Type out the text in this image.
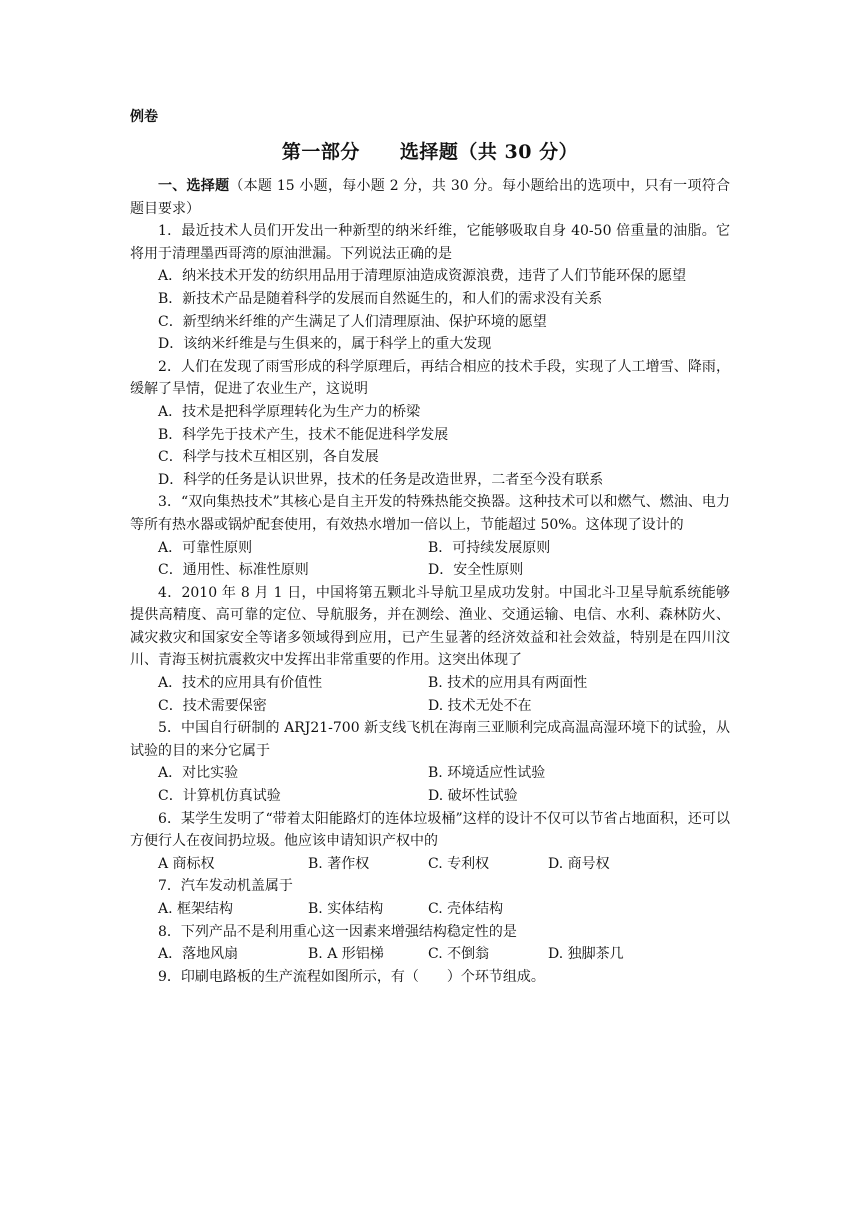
例卷
第一部分 选择题（共 30 分）

一、选择题（本题 15 小题，每小题 2 分，共 30 分。每小题给出的选项中，只有一项符合题目要求）

1．最近技术人员们开发出一种新型的纳米纤维，它能够吸取自身 40-50 倍重量的油脂。它将用于清理墨西哥湾的原油泄漏。下列说法正确的是

A．纳米技术开发的纺织用品用于清理原油造成资源浪费，违背了人们节能环保的愿望

B．新技术产品是随着科学的发展而自然诞生的，和人们的需求没有关系

C．新型纳米纤维的产生满足了人们清理原油、保护环境的愿望

D．该纳米纤维是与生俱来的，属于科学上的重大发现

2．人们在发现了雨雪形成的科学原理后，再结合相应的技术手段，实现了人工增雪、降雨，缓解了旱情，促进了农业生产，这说明

A．技术是把科学原理转化为生产力的桥梁

B．科学先于技术产生，技术不能促进科学发展

C．科学与技术互相区别，各自发展

D．科学的任务是认识世界，技术的任务是改造世界，二者至今没有联系

3．“双向集热技术”其核心是自主开发的特殊热能交换器。这种技术可以和燃气、燃油、电力等所有热水器或锅炉配套使用，有效热水增加一倍以上，节能超过 50%。这体现了设计的

A．可靠性原则	B．可持续发展原则
C．通用性、标准性原则	D．安全性原则

4．2010 年 8 月 1 日，中国将第五颗北斗导航卫星成功发射。中国北斗卫星导航系统能够提供高精度、高可靠的定位、导航服务，并在测绘、渔业、交通运输、电信、水利、森林防火、减灾救灾和国家安全等诸多领域得到应用，已产生显著的经济效益和社会效益，特别是在四川汶川、青海玉树抗震救灾中发挥出非常重要的作用。这突出体现了

A．技术的应用具有价值性	B. 技术的应用具有两面性
C．技术需要保密	D. 技术无处不在

5．中国自行研制的 ARJ21-700 新支线飞机在海南三亚顺利完成高温高湿环境下的试验，从试验的目的来分它属于

A．对比实验	B. 环境适应性试验
C．计算机仿真试验	D. 破坏性试验

6．某学生发明了“带着太阳能路灯的连体垃圾桶”这样的设计不仅可以节省占地面积，还可以方便行人在夜间扔垃圾。他应该申请知识产权中的

A 商标权	B. 著作权	C. 专利权	D. 商号权

7．汽车发动机盖属于

A. 框架结构	B. 实体结构	C. 壳体结构

8．下列产品不是利用重心这一因素来增强结构稳定性的是

A．落地风扇	B. A 形铝梯	C. 不倒翁	D. 独脚茶几

9．印刷电路板的生产流程如图所示，有（　　）个环节组成。
